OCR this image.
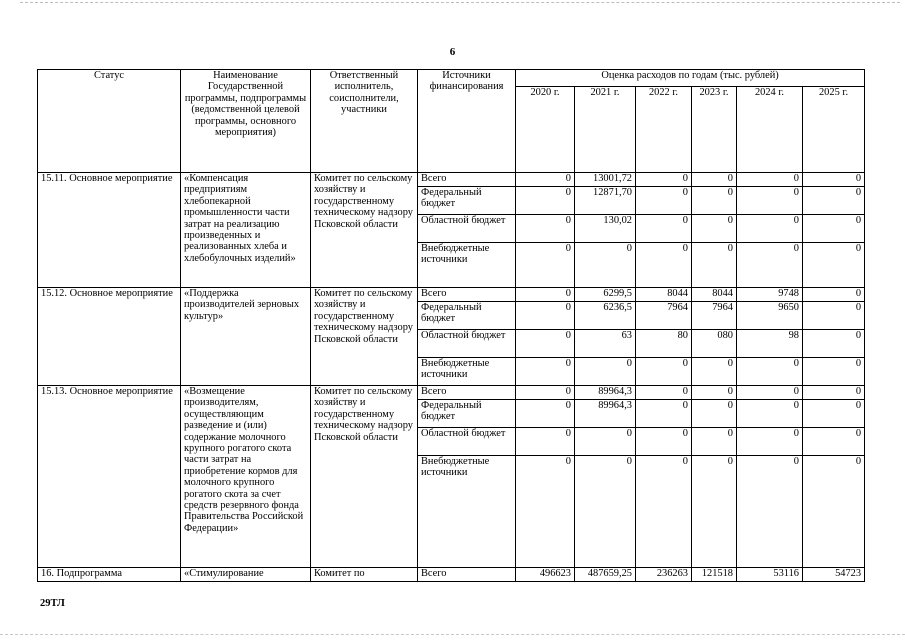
6
Статус	Наименование Государственной программы, подпрограммы (ведомственной целевой программы, основного мероприятия)	Ответственный исполнитель, соисполнители, участники	Источники финансирования	Оценка расходов по годам (тыс. рублей)					
				2020 г.	2021 г.	2022 г.	2023 г.	2024 г.	2025 г.
15.11. Основное мероприятие	«Компенсация предприятиям хлебопекарной промышленности части затрат на реализацию произведенных и реализованных хлеба и хлебобулочных изделий»	Комитет по сельскому хозяйству и государственному техническому надзору Псковской области	Всего	0	13001,72	0	0	0	0
			Федеральный бюджет	0	12871,70	0	0	0	0
			Областной бюджет	0	130,02	0	0	0	0
			Внебюджетные источники	0	0	0	0	0	0
15.12. Основное мероприятие	«Поддержка производителей зерновых культур»	Комитет по сельскому хозяйству и государственному техническому надзору Псковской области	Всего	0	6299,5	8044	8044	9748	0
			Федеральный бюджет	0	6236,5	7964	7964	9650	0
			Областной бюджет	0	63	80	080	98	0
			Внебюджетные источники	0	0	0	0	0	0
15.13. Основное мероприятие	«Возмещение производителям, осуществляющим разведение и (или) содержание молочного крупного рогатого скота части затрат на приобретение кормов для молочного крупного рогатого скота за счет средств резервного фонда Правительства Российской Федерации»	Комитет по сельскому хозяйству и государственному техническому надзору Псковской области	Всего	0	89964,3	0	0	0	0
			Федеральный бюджет	0	89964,3	0	0	0	0
			Областной бюджет	0	0	0	0	0	0
			Внебюджетные источники	0	0	0	0	0	0
16. Подпрограмма	«Стимулирование	Комитет по	Всего	496623	487659,25	236263	121518	53116	54723
29ТЛ
